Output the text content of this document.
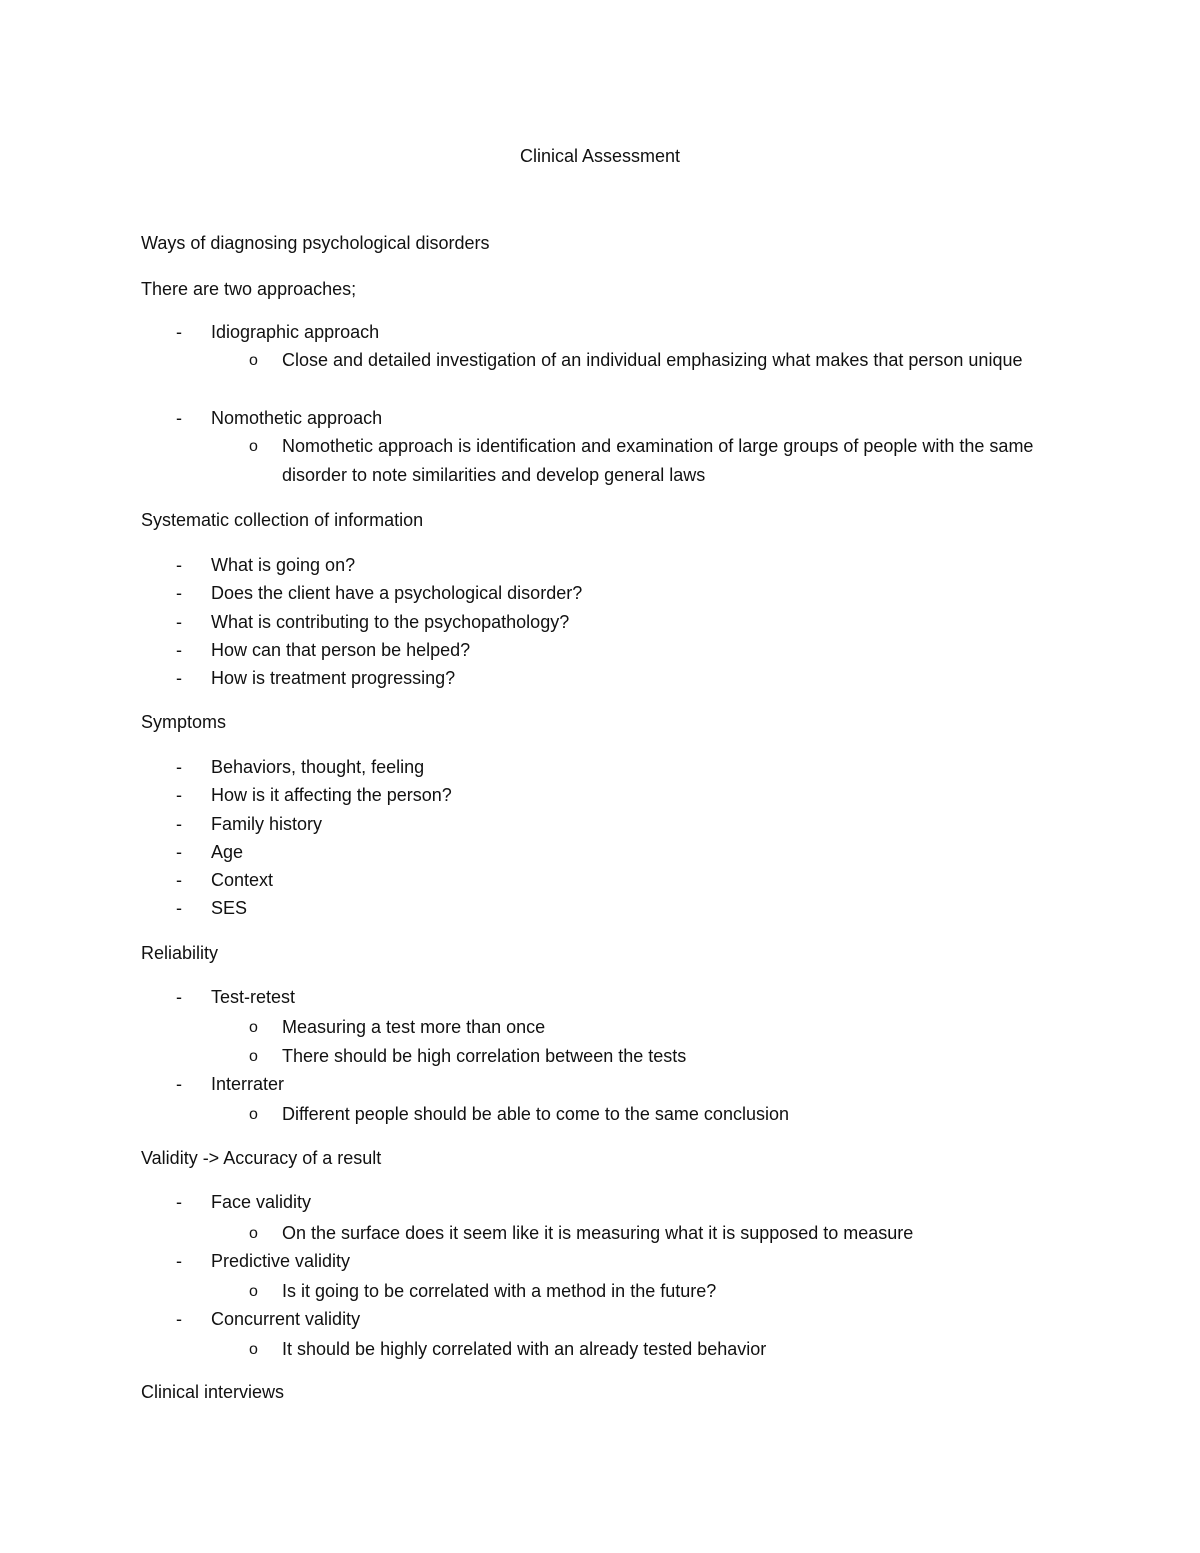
Clinical Assessment
Ways of diagnosing psychological disorders
There are two approaches;
- Idiographic approach
o Close and detailed investigation of an individual emphasizing what makes that person unique
- Nomothetic approach
o Nomothetic approach is identification and examination of large groups of people with the same disorder to note similarities and develop general laws
Systematic collection of information
- What is going on?
- Does the client have a psychological disorder?
- What is contributing to the psychopathology?
- How can that person be helped?
- How is treatment progressing?
Symptoms
- Behaviors, thought, feeling
- How is it affecting the person?
- Family history
- Age
- Context
- SES
Reliability
- Test-retest
o Measuring a test more than once
o There should be high correlation between the tests
- Interrater
o Different people should be able to come to the same conclusion
Validity -> Accuracy of a result
- Face validity
o On the surface does it seem like it is measuring what it is supposed to measure
- Predictive validity
o Is it going to be correlated with a method in the future?
- Concurrent validity
o It should be highly correlated with an already tested behavior
Clinical interviews
